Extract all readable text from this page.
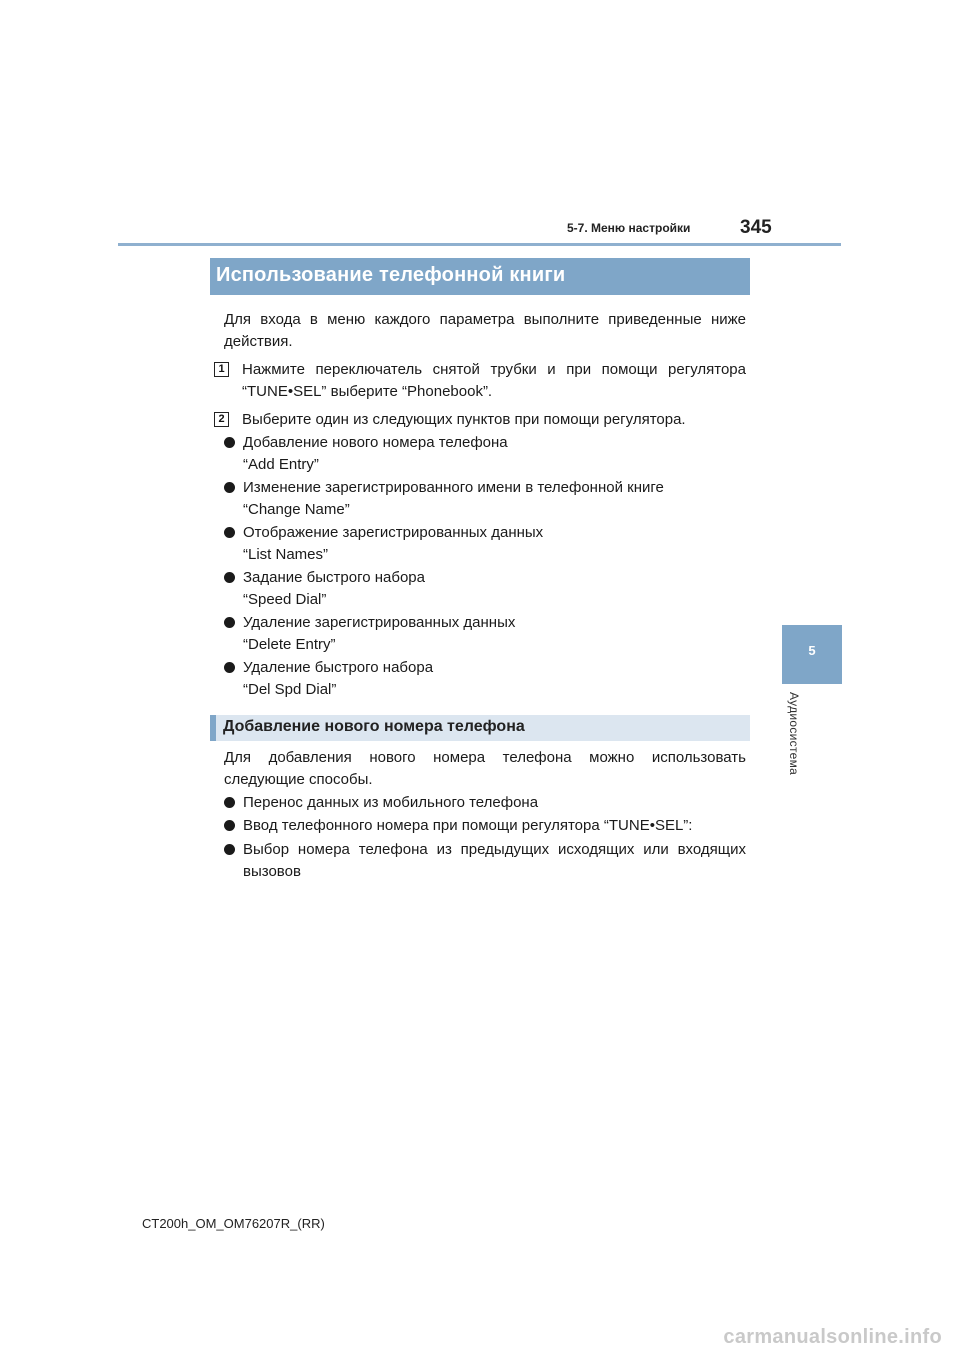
5-7. Меню настройки	345
Использование телефонной книги
Для входа в меню каждого параметра выполните приведенные ниже действия.
1 Нажмите переключатель снятой трубки и при помощи регулятора “TUNE•SEL” выберите “Phonebook”.
2 Выберите один из следующих пунктов при помощи регулятора.
Добавление нового номера телефона
“Add Entry”
Изменение зарегистрированного имени в телефонной книге
“Change Name”
Отображение зарегистрированных данных
“List Names”
Задание быстрого набора
“Speed Dial”
Удаление зарегистрированных данных
“Delete Entry”
Удаление быстрого набора
“Del Spd Dial”
Добавление нового номера телефона
Для добавления нового номера телефона можно использовать следующие способы.
Перенос данных из мобильного телефона
Ввод телефонного номера при помощи регулятора “TUNE•SEL”:
Выбор номера телефона из предыдущих исходящих или входящих вызовов
5
Аудиосистема
CT200h_OM_OM76207R_(RR)
carmanualsonline.info
